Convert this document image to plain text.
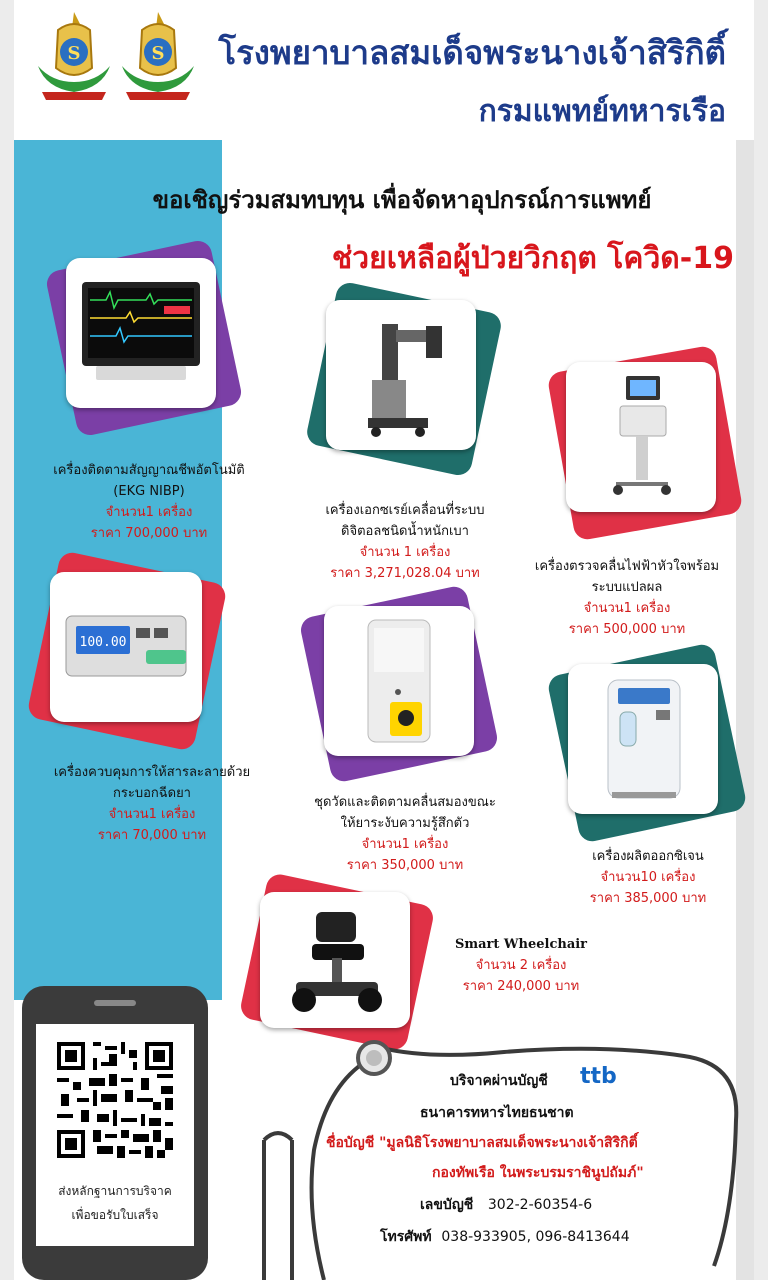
S	S โรงพยาบาลสมเด็จพระนางเจ้าสิริกิติ์
กรมแพทย์ทหารเรือ
ขอเชิญร่วมสมทบทุน เพื่อจัดหาอุปกรณ์การแพทย์
ช่วยเหลือผู้ป่วยวิกฤต โควิด-19
เครื่องติดตามสัญญาณชีพอัตโนมัติ
(EKG NIBP)
จำนวน1 เครื่อง
ราคา 700,000 บาท
เครื่องเอกซเรย์เคลื่อนที่ระบบ
ดิจิตอลชนิดน้ำหนักเบา
จำนวน 1 เครื่อง
ราคา 3,271,028.04 บาท	เครื่องตรวจคลื่นไฟฟ้าหัวใจพร้อม
ระบบแปลผล
จำนวน1 เครื่อง
ราคา 500,000 บาท
100.00
เครื่องควบคุมการให้สารละลายด้วย
กระบอกฉีดยา
จำนวน1 เครื่อง
ราคา 70,000 บาท
ชุดวัดและติดตามคลื่นสมองขณะ
ให้ยาระงับความรู้สึกตัว
จำนวน1 เครื่อง
ราคา 350,000 บาท
เครื่องผลิตออกซิเจน
จำนวน10 เครื่อง
ราคา 385,000 บาท
Smart Wheelchair
จำนวน 2 เครื่อง
ราคา 240,000 บาท
ส่งหลักฐานการบริจาค
เพื่อขอรับใบเสร็จ
บริจาคผ่านบัญชี ttb
ธนาคารทหารไทยธนชาต
ชื่อบัญชี "มูลนิธิโรงพยาบาลสมเด็จพระนางเจ้าสิริกิติ์
กองทัพเรือ ในพระบรมราชินูปถัมภ์"
เลขบัญชี 302-2-60354-6
โทรศัพท์ 038-933905, 096-8413644
